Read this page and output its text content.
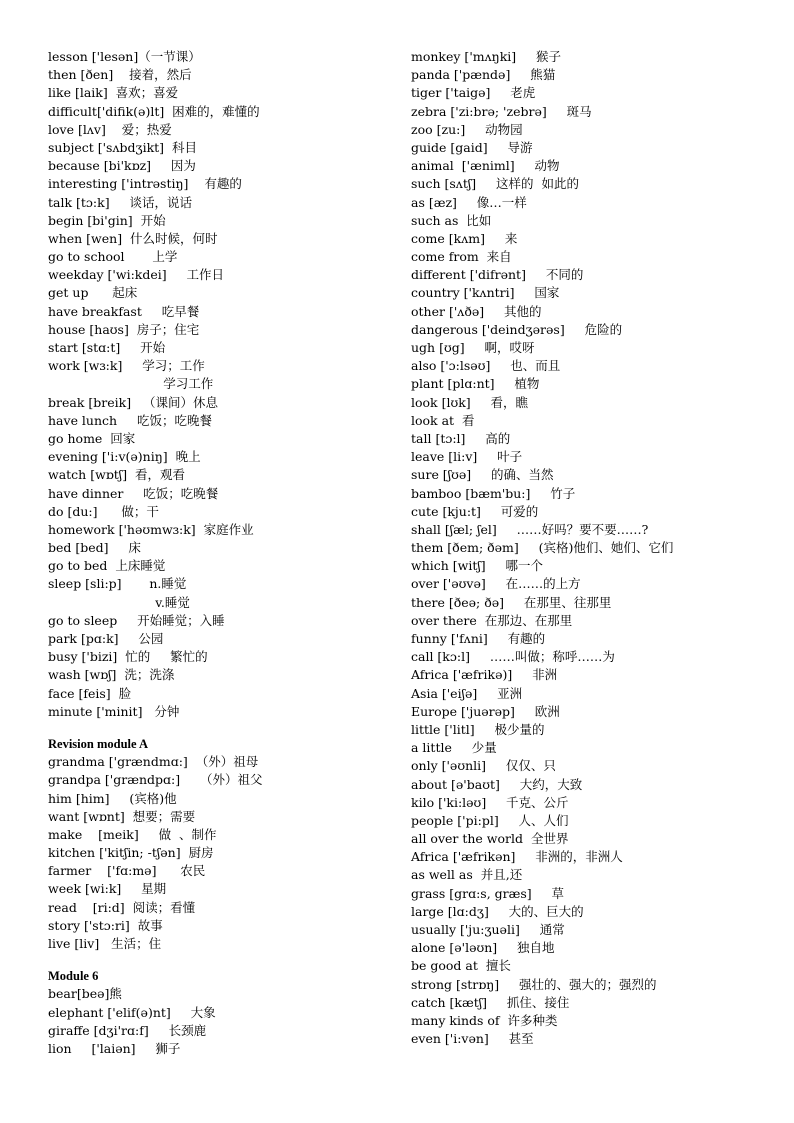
lesson ['lesən]（一节课）
then [ðen]    接着，然后
like [laik]  喜欢；喜爱
difficult['difik(ə)lt]  困难的，难懂的
love [lʌv]    爱；热爱
subject ['sʌbdʒikt]  科目
because [bi'kɒz]     因为
interesting ['intrəstiŋ]    有趣的
talk [tɔ:k]     谈话，说话
begin [bi'gin]  开始
when [wen]  什么时候，何时
go to school       上学
weekday ['wi:kdei]     工作日
get up      起床
have breakfast     吃早餐
house [haʊs]  房子；住宅
start [stɑ:t]     开始
work [wɜ:k]     学习；工作
学习工作
break [breik]   （课间）休息
have lunch     吃饭；吃晚餐
go home  回家
evening ['i:v(ə)niŋ]  晚上
watch [wɒtʃ]  看，观看
have dinner     吃饭；吃晚餐
do [du:]      做；干
homework ['həʊmwɜ:k]  家庭作业
bed [bed]     床
go to bed  上床睡觉
sleep [sli:p]       n.睡觉
v.睡觉
go to sleep     开始睡觉；入睡
park [pɑ:k]     公园
busy ['bizi]  忙的     繁忙的
wash [wɒʃ]  洗；洗涤
face [feis]  脸
minute ['minit]   分钟
Revision module A
grandma ['grændmɑ:]  （外）祖母
grandpa ['grændpɑ:]     （外）祖父
him [him]     (宾格)他
want [wɒnt]  想要；需要
make    [meik]     做  、制作
kitchen ['kitʃin; -tʃən]  厨房
farmer    ['fɑ:mə]      农民
week [wi:k]     星期
read    [ri:d]  阅读；看懂
story ['stɔ:ri]  故事
live [liv]   生活；住
Module 6
bear[beə]熊
elephant ['elif(ə)nt]     大象
giraffe [dʒi'rɑ:f]     长颈鹿
lion     ['laiən]     狮子
monkey ['mʌŋki]     猴子
panda ['pændə]     熊猫
tiger ['taigə]     老虎
zebra ['zi:brə; 'zebrə]     斑马
zoo [zu:]     动物园
guide [gaid]     导游
animal  ['æniml]     动物
such [sʌtʃ]     这样的  如此的
as [æz]     像…一样
such as  比如
come [kʌm]     来
come from  来自
different ['difrənt]     不同的
country ['kʌntri]     国家
other ['ʌðə]     其他的
dangerous ['deindʒərəs]     危险的
ugh [ʊg]     啊，哎呀
also ['ɔ:lsəʊ]     也、而且
plant [plɑ:nt]     植物
look [lʊk]     看，瞧
look at  看
tall [tɔ:l]     高的
leave [li:v]     叶子
sure [ʃʊə]     的确、当然
bamboo [bæm'bu:]     竹子
cute [kju:t]     可爱的
shall [ʃæl; ʃel]     ……好吗？要不要……?
them [ðem; ðəm]     (宾格)他们、她们、它们
which [witʃ]     哪一个
over ['əʊvə]     在……的上方
there [ðeə; ðə]     在那里、往那里
over there  在那边、在那里
funny ['fʌni]     有趣的
call [kɔ:l]     ……叫做；称呼……为
Africa ['æfrikə)]     非洲
Asia ['eiʃə]     亚洲
Europe ['juərəp]     欧洲
little ['litl]     极少量的
a little     少量
only ['əʊnli]     仅仅、只
about [ə'baʊt]     大约，大致
kilo ['ki:ləʊ]     千克、公斤
people ['pi:pl]     人、人们
all over the world  全世界
Africa ['æfrikən]     非洲的，非洲人
as well as  并且,还
grass [grɑ:s, græs]     草
large [lɑ:dʒ]     大的、巨大的
usually ['ju:ʒuəli]     通常
alone [ə'ləʊn]     独自地
be good at  擅长
strong [strɒŋ]     强壮的、强大的；强烈的
catch [kætʃ]     抓住、接住
many kinds of  许多种类
even ['i:vən]     甚至
